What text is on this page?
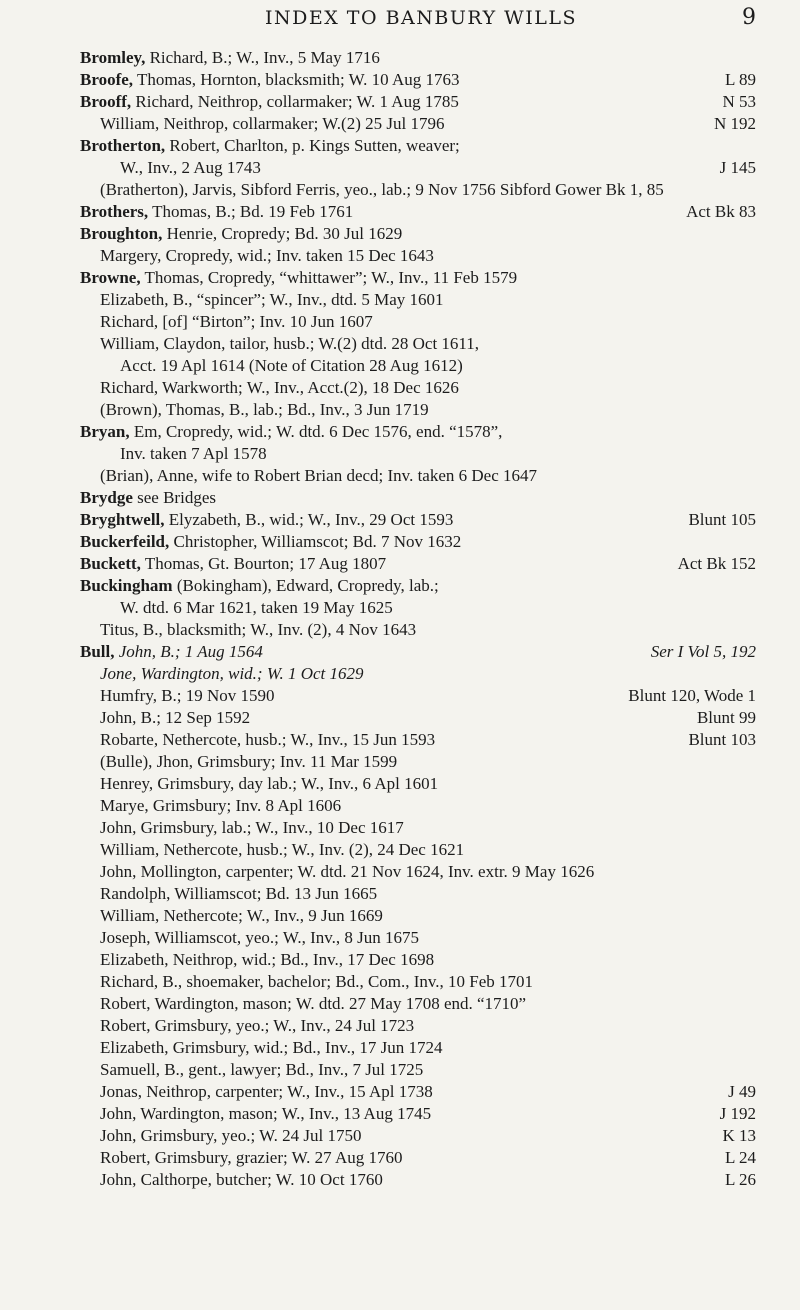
INDEX TO BANBURY WILLS	9
Bromley, Richard, B.; W., Inv., 5 May 1716
Broofe, Thomas, Hornton, blacksmith; W. 10 Aug 1763	L 89
Brooff, Richard, Neithrop, collarmaker; W. 1 Aug 1785	N 53
William, Neithrop, collarmaker; W.(2) 25 Jul 1796	N 192
Brotherton, Robert, Charlton, p. Kings Sutten, weaver;
W., Inv., 2 Aug 1743	J 145
(Bratherton), Jarvis, Sibford Ferris, yeo., lab.; 9 Nov 1756 Sibford Gower Bk 1, 85
Brothers, Thomas, B.; Bd. 19 Feb 1761	Act Bk 83
Broughton, Henrie, Cropredy; Bd. 30 Jul 1629
Margery, Cropredy, wid.; Inv. taken 15 Dec 1643
Browne, Thomas, Cropredy, “whittawer”; W., Inv., 11 Feb 1579
Elizabeth, B., “spincer”; W., Inv., dtd. 5 May 1601
Richard, [of] “Birton”; Inv. 10 Jun 1607
William, Claydon, tailor, husb.; W.(2) dtd. 28 Oct 1611,
Acct. 19 Apl 1614 (Note of Citation 28 Aug 1612)
Richard, Warkworth; W., Inv., Acct.(2), 18 Dec 1626
(Brown), Thomas, B., lab.; Bd., Inv., 3 Jun 1719
Bryan, Em, Cropredy, wid.; W. dtd. 6 Dec 1576, end. “1578”,
Inv. taken 7 Apl 1578
(Brian), Anne, wife to Robert Brian decd; Inv. taken 6 Dec 1647
Brydge see Bridges
Bryghtwell, Elyzabeth, B., wid.; W., Inv., 29 Oct 1593	Blunt 105
Buckerfeild, Christopher, Williamscot; Bd. 7 Nov 1632
Buckett, Thomas, Gt. Bourton; 17 Aug 1807	Act Bk 152
Buckingham (Bokingham), Edward, Cropredy, lab.;
W. dtd. 6 Mar 1621, taken 19 May 1625
Titus, B., blacksmith; W., Inv. (2), 4 Nov 1643
Bull, John, B.; 1 Aug 1564	Ser I Vol 5, 192
Jone, Wardington, wid.; W. 1 Oct 1629
Humfry, B.; 19 Nov 1590	Blunt 120, Wode 1
John, B.; 12 Sep 1592	Blunt 99
Robarte, Nethercote, husb.; W., Inv., 15 Jun 1593	Blunt 103
(Bulle), Jhon, Grimsbury; Inv. 11 Mar 1599
Henrey, Grimsbury, day lab.; W., Inv., 6 Apl 1601
Marye, Grimsbury; Inv. 8 Apl 1606
John, Grimsbury, lab.; W., Inv., 10 Dec 1617
William, Nethercote, husb.; W., Inv. (2), 24 Dec 1621
John, Mollington, carpenter; W. dtd. 21 Nov 1624, Inv. extr. 9 May 1626
Randolph, Williamscot; Bd. 13 Jun 1665
William, Nethercote; W., Inv., 9 Jun 1669
Joseph, Williamscot, yeo.; W., Inv., 8 Jun 1675
Elizabeth, Neithrop, wid.; Bd., Inv., 17 Dec 1698
Richard, B., shoemaker, bachelor; Bd., Com., Inv., 10 Feb 1701
Robert, Wardington, mason; W. dtd. 27 May 1708 end. “1710”
Robert, Grimsbury, yeo.; W., Inv., 24 Jul 1723
Elizabeth, Grimsbury, wid.; Bd., Inv., 17 Jun 1724
Samuell, B., gent., lawyer; Bd., Inv., 7 Jul 1725
Jonas, Neithrop, carpenter; W., Inv., 15 Apl 1738	J 49
John, Wardington, mason; W., Inv., 13 Aug 1745	J 192
John, Grimsbury, yeo.; W. 24 Jul 1750	K 13
Robert, Grimsbury, grazier; W. 27 Aug 1760	L 24
John, Calthorpe, butcher; W. 10 Oct 1760	L 26
